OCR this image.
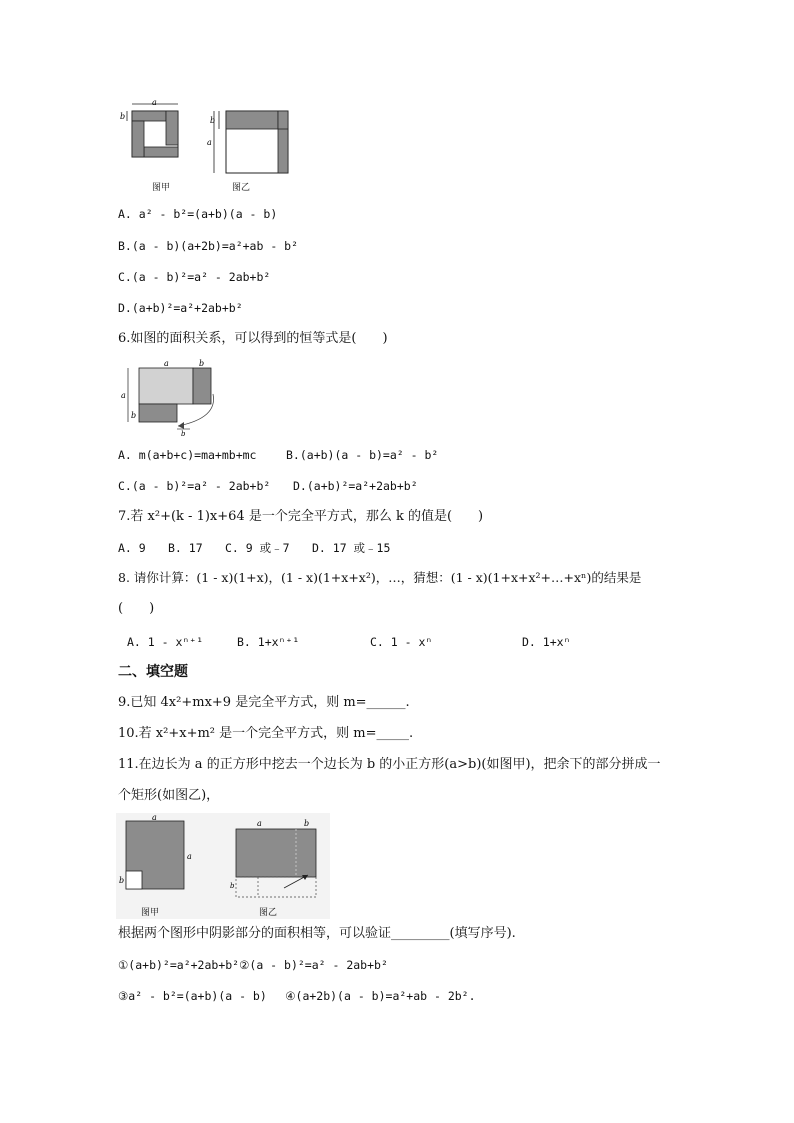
a
b	b
a
图甲	图乙
A. a² - b²=(a+b)(a - b)
B.(a - b)(a+2b)=a²+ab - b²
C.(a - b)²=a² - 2ab+b²
D.(a+b)²=a²+2ab+b²
6.如图的面积关系，可以得到的恒等式是(　　)
a	b
a
b
b
A. m(a+b+c)=ma+mb+mc	B.(a+b)(a - b)=a² - b²
C.(a - b)²=a² - 2ab+b² D.(a+b)²=a²+2ab+b²
7.若 x²+(k - 1)x+64 是一个完全平方式，那么 k 的值是(　　)
A. 9 B. 17 C. 9 或﹣7 D. 17 或﹣15
8. 请你计算：(1 - x)(1+x)，(1 - x)(1+x+x²)，…，猜想：(1 - x)(1+x+x²+…+xⁿ)的结果是
(　　)
A. 1 - xⁿ⁺¹	B. 1+xⁿ⁺¹	C. 1 - xⁿ	D. 1+xⁿ
二、填空题
9.已知 4x²+mx+9 是完全平方式，则 m=______.
10.若 x²+x+m² 是一个完全平方式，则 m=_____.
11.在边长为 a 的正方形中挖去一个边长为 b 的小正方形(a>b)(如图甲)，把余下的部分拼成一
个矩形(如图乙)，
a
a
b
a	b
b
图甲	图乙
根据两个图形中阴影部分的面积相等，可以验证_________(填写序号).
①(a+b)²=a²+2ab+b²②(a - b)²=a² - 2ab+b²
③a² - b²=(a+b)(a - b)　 ④(a+2b)(a - b)=a²+ab - 2b².
